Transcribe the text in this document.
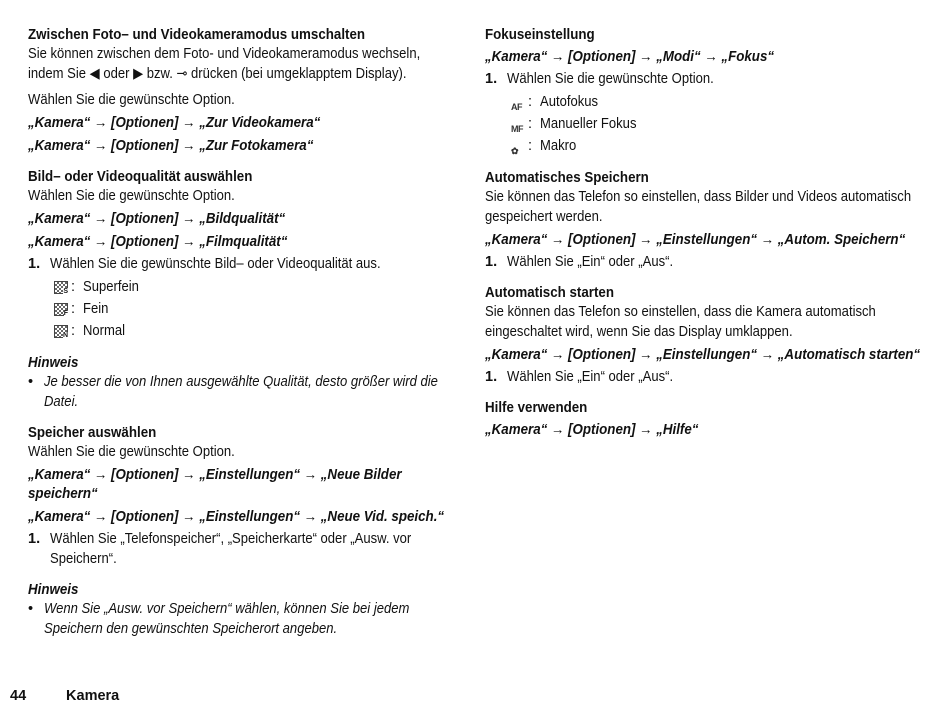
Zwischen Foto– und Videokameramodus umschalten
Sie können zwischen dem Foto- und Videokameramodus wechseln, indem Sie ◀ oder ▶ bzw. ⊸ drücken (bei umgeklapptem Display).
Wählen Sie die gewünschte Option.
„Kamera“ → [Optionen] → „Zur Videokamera“
„Kamera“ → [Optionen] → „Zur Fotokamera“
Bild– oder Videoqualität auswählen
Wählen Sie die gewünschte Option.
„Kamera“ → [Optionen] → „Bildqualität“
„Kamera“ → [Optionen] → „Filmqualität“
1. Wählen Sie die gewünschte Bild– oder Videoqualität aus.
S : Superfein
F : Fein
N : Normal
Hinweis
• Je besser die von Ihnen ausgewählte Qualität, desto größer wird die Datei.
Speicher auswählen
Wählen Sie die gewünschte Option.
„Kamera“ → [Optionen] → „Einstellungen“ → „Neue Bilder speichern“
„Kamera“ → [Optionen] → „Einstellungen“ → „Neue Vid. speich.“
1. Wählen Sie „Telefonspeicher“, „Speicherkarte“ oder „Ausw. vor Speichern“.
Hinweis
• Wenn Sie „Ausw. vor Speichern“ wählen, können Sie bei jedem Speichern den gewünschten Speicherort angeben.
Fokuseinstellung
„Kamera“ → [Optionen] → „Modi“ → „Fokus“
1. Wählen Sie die gewünschte Option.
AF : Autofokus
MF : Manueller Fokus
✿ : Makro
Automatisches Speichern
Sie können das Telefon so einstellen, dass Bilder und Videos automatisch gespeichert werden.
„Kamera“ → [Optionen] → „Einstellungen“ → „Autom. Speichern“
1. Wählen Sie „Ein“ oder „Aus“.
Automatisch starten
Sie können das Telefon so einstellen, dass die Kamera automatisch eingeschaltet wird, wenn Sie das Display umklappen.
„Kamera“ → [Optionen] → „Einstellungen“ → „Automatisch starten“
1. Wählen Sie „Ein“ oder „Aus“.
Hilfe verwenden
„Kamera“ → [Optionen] → „Hilfe“
44	Kamera
